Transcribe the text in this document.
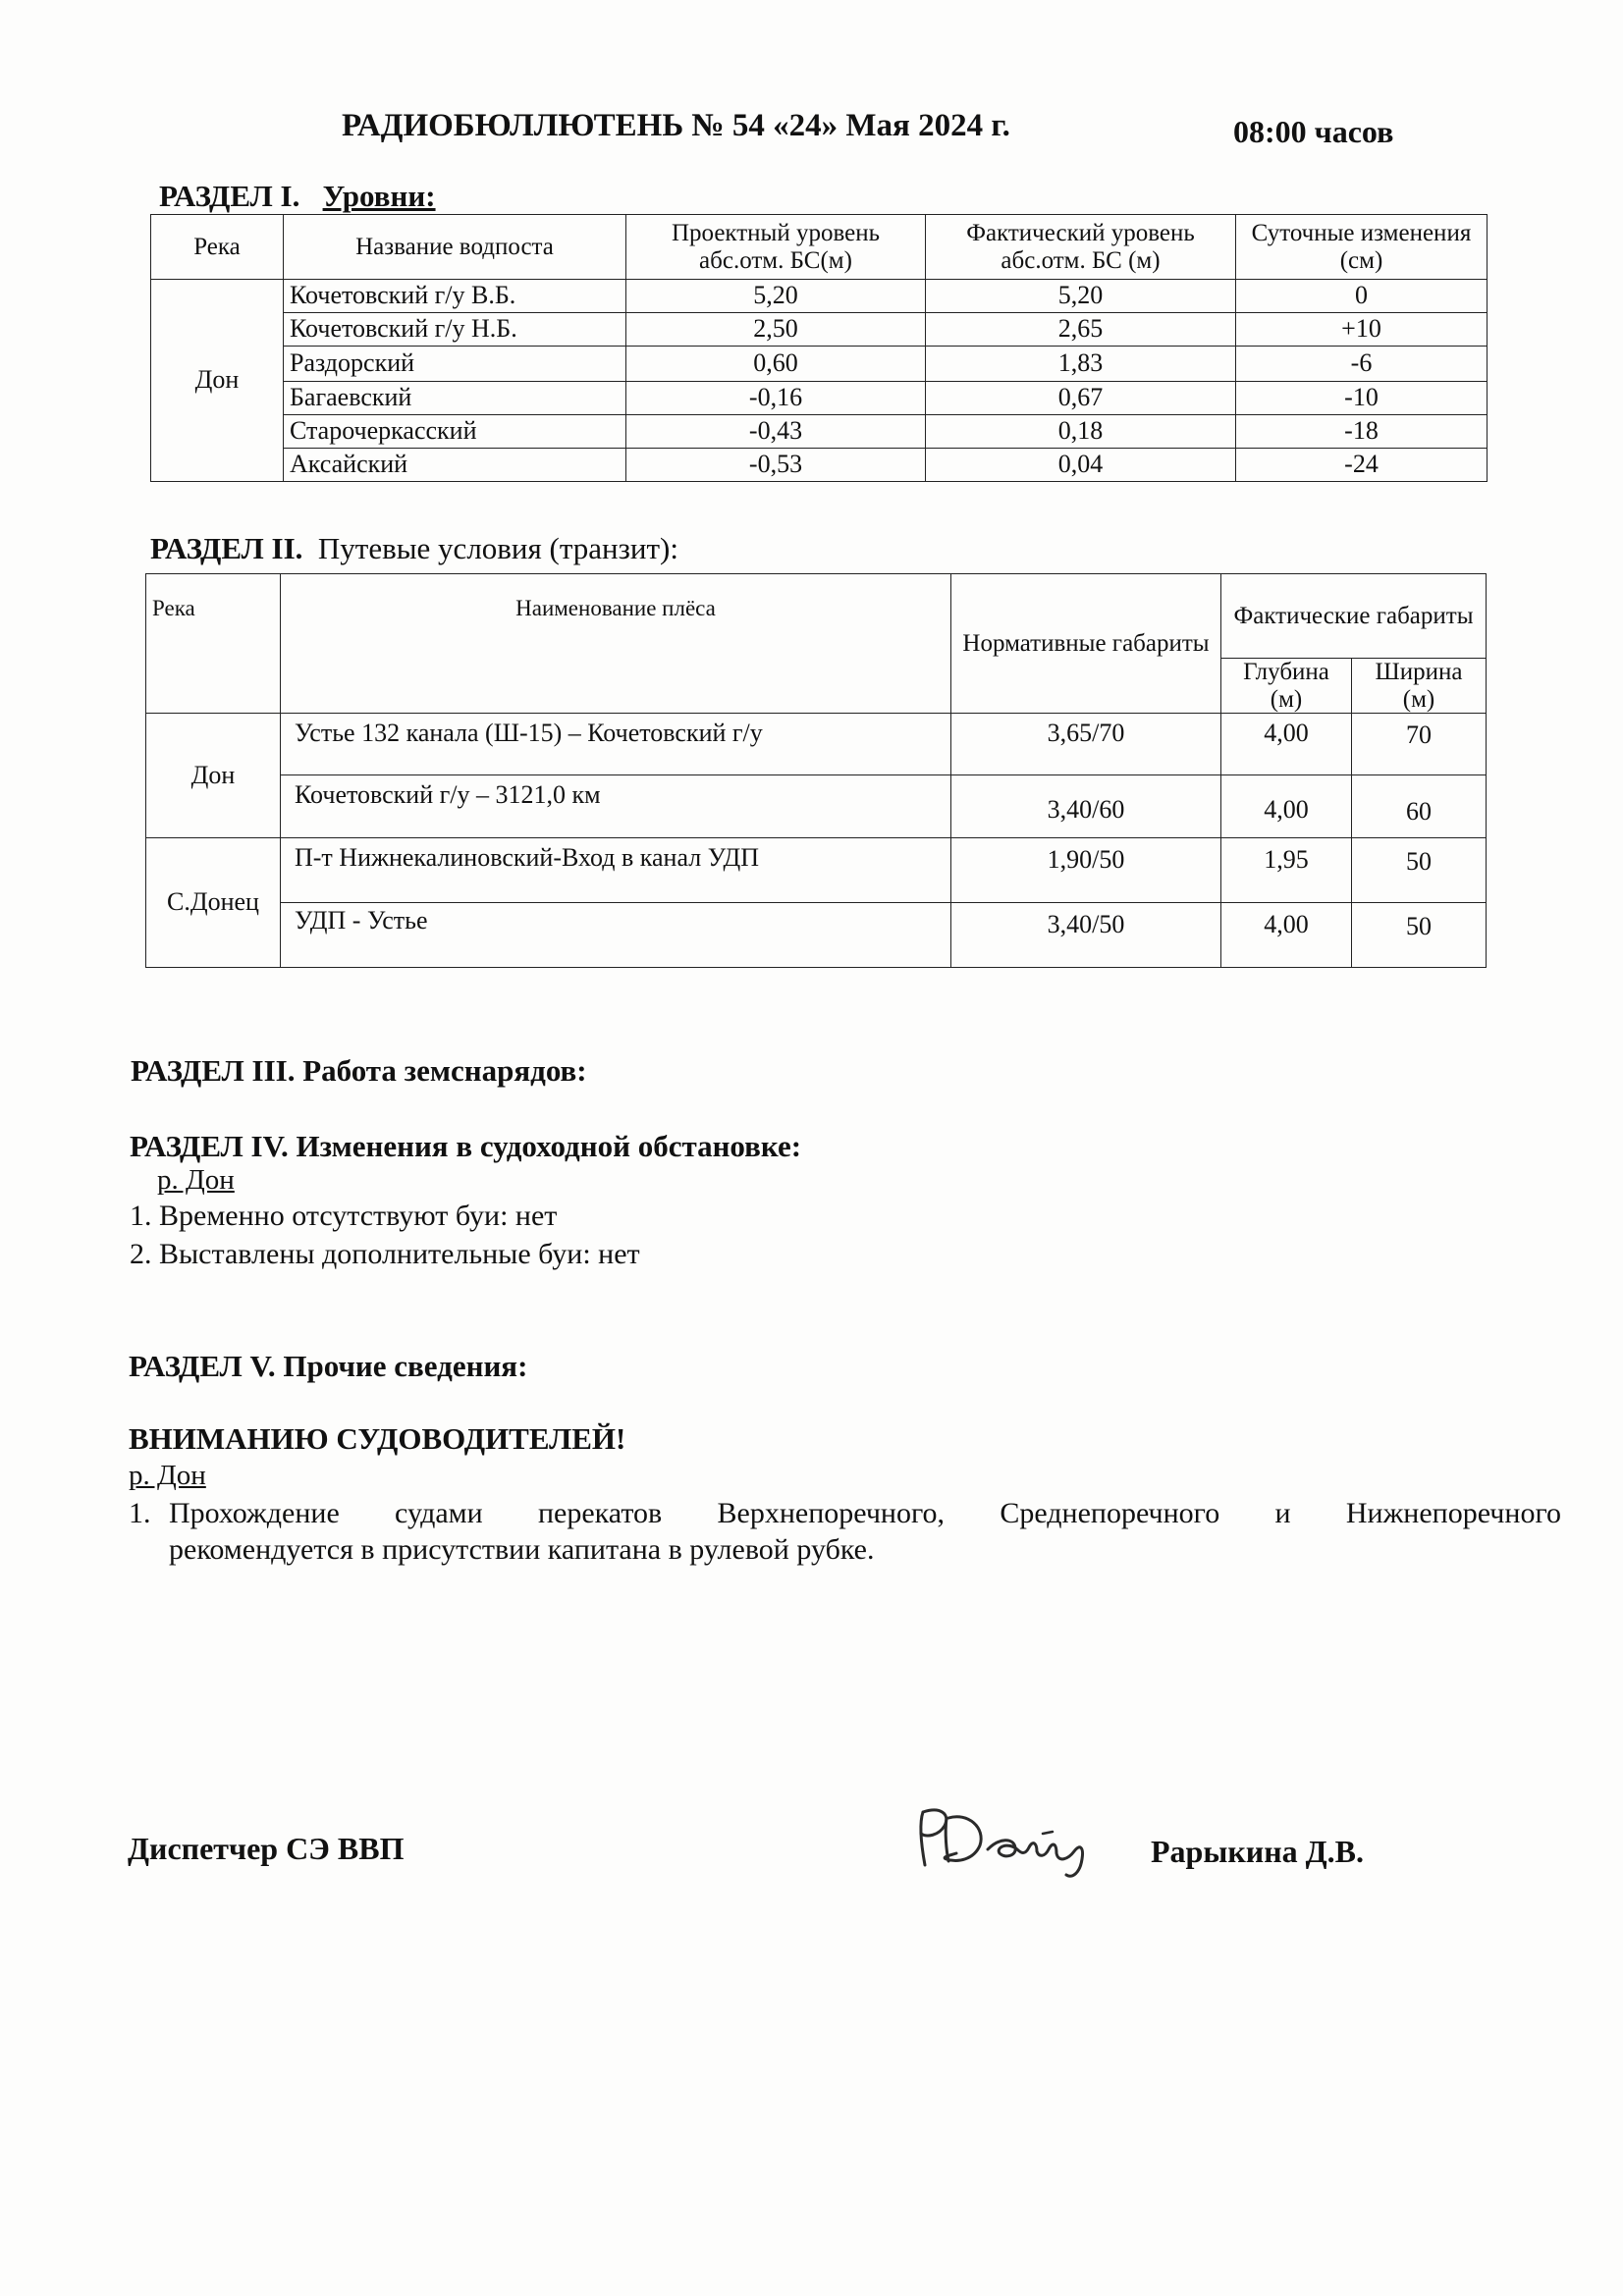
РАДИОБЮЛЛЮТЕНЬ № 54 «24» Мая 2024 г.	08:00 часов
РАЗДЕЛ I. Уровни:
Река	Название водпоста	Проектный уровень абс.отм. БС(м)	Фактический уровень абс.отм. БС (м)	Суточные изменения (см)
Дон	Кочетовский г/у В.Б.	5,20	5,20	0
	Кочетовский г/у Н.Б.	2,50	2,65	+10
	Раздорский	0,60	1,83	-6
	Багаевский	-0,16	0,67	-10
	Старочеркасский	-0,43	0,18	-18
	Аксайский	-0,53	0,04	-24
РАЗДЕЛ II. Путевые условия (транзит):
Река	Наименование плёса	Нормативные габариты	Фактические габариты	
			Глубина (м)	Ширина (м)
Дон	Устье 132 канала (Ш-15) – Кочетовский г/у	3,65/70	4,00	70
	Кочетовский г/у – 3121,0 км	3,40/60	4,00	60
С.Донец	П-т Нижнекалиновский-Вход в канал УДП	1,90/50	1,95	50
	УДП - Устье	3,40/50	4,00	50
РАЗДЕЛ III. Работа земснарядов:
РАЗДЕЛ IV. Изменения в судоходной обстановке:
р. Дон
1. Временно отсутствуют буи: нет
2. Выставлены дополнительные буи: нет
РАЗДЕЛ V. Прочие сведения:
ВНИМАНИЮ СУДОВОДИТЕЛЕЙ!
р. Дон
1. Прохождение судами перекатов Верхнепоречного, Среднепоречного и Нижнепоречного
рекомендуется в присутствии капитана в рулевой рубке.
Диспетчер СЭ ВВП	Рарыкина Д.В.
